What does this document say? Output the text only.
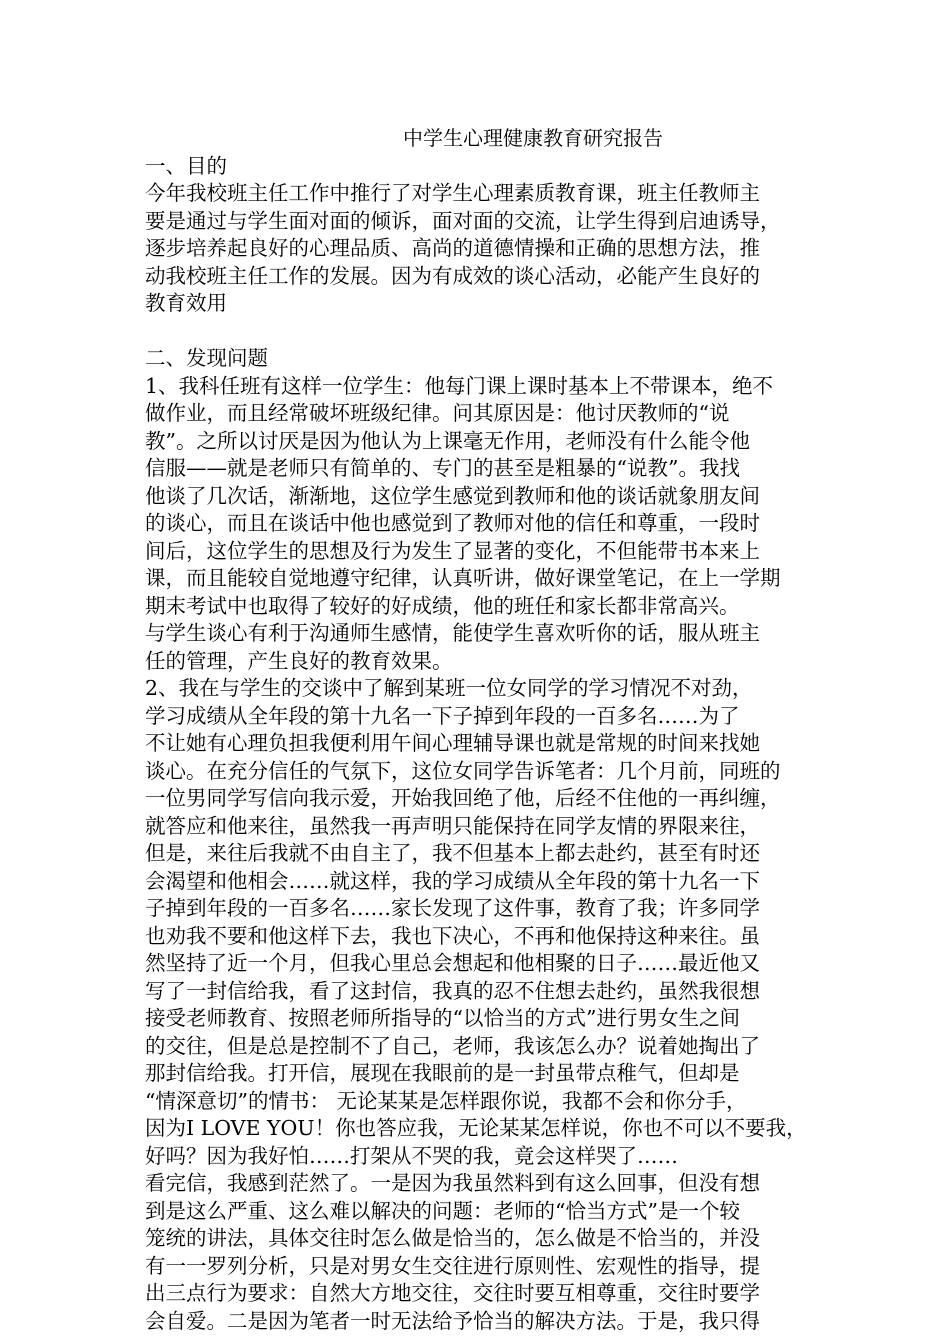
中学生心理健康教育研究报告
一、目的
今年我校班主任工作中推行了对学生心理素质教育课，班主任教师主
要是通过与学生面对面的倾诉，面对面的交流，让学生得到启迪诱导，
逐步培养起良好的心理品质、高尚的道德情操和正确的思想方法，推
动我校班主任工作的发展。因为有成效的谈心活动，必能产生良好的
教育效用
二、发现问题
1、我科任班有这样一位学生：他每门课上课时基本上不带课本，绝不
做作业，而且经常破坏班级纪律。问其原因是：他讨厌教师的“说
教”。之所以讨厌是因为他认为上课毫无作用，老师没有什么能令他
信服——就是老师只有简单的、专门的甚至是粗暴的“说教”。我找
他谈了几次话，渐渐地，这位学生感觉到教师和他的谈话就象朋友间
的谈心，而且在谈话中他也感觉到了教师对他的信任和尊重，一段时
间后，这位学生的思想及行为发生了显著的变化，不但能带书本来上
课，而且能较自觉地遵守纪律，认真听讲，做好课堂笔记，在上一学期
期末考试中也取得了较好的好成绩，他的班任和家长都非常高兴。
与学生谈心有利于沟通师生感情，能使学生喜欢听你的话，服从班主
任的管理，产生良好的教育效果。
2、我在与学生的交谈中了解到某班一位女同学的学习情况不对劲，
学习成绩从全年段的第十九名一下子掉到年段的一百多名……为了
不让她有心理负担我便利用午间心理辅导课也就是常规的时间来找她
谈心。在充分信任的气氛下，这位女同学告诉笔者：几个月前，同班的
一位男同学写信向我示爱，开始我回绝了他，后经不住他的一再纠缠，
就答应和他来往，虽然我一再声明只能保持在同学友情的界限来往，
但是，来往后我就不由自主了，我不但基本上都去赴约，甚至有时还
会渴望和他相会……就这样，我的学习成绩从全年段的第十九名一下
子掉到年段的一百多名……家长发现了这件事，教育了我；许多同学
也劝我不要和他这样下去，我也下决心，不再和他保持这种来往。虽
然坚持了近一个月，但我心里总会想起和他相聚的日子……最近他又
写了一封信给我，看了这封信，我真的忍不住想去赴约，虽然我很想
接受老师教育、按照老师所指导的“以恰当的方式”进行男女生之间
的交往，但是总是控制不了自己，老师，我该怎么办？说着她掏出了
那封信给我。打开信，展现在我眼前的是一封虽带点稚气，但却是
“情深意切”的情书： 无论某某是怎样跟你说，我都不会和你分手，
因为I LOVE YOU！你也答应我，无论某某怎样说，你也不可以不要我，
好吗？因为我好怕……打架从不哭的我，竟会这样哭了……
看完信，我感到茫然了。一是因为我虽然料到有这么回事，但没有想
到是这么严重、这么难以解决的问题：老师的“恰当方式”是一个较
笼统的讲法，具体交往时怎么做是恰当的，怎么做是不恰当的，并没
有一一罗列分析，只是对男女生交往进行原则性、宏观性的指导，提
出三点行为要求：自然大方地交往，交往时要互相尊重，交往时要学
会自爱。二是因为笔者一时无法给予恰当的解决方法。于是，我只得
